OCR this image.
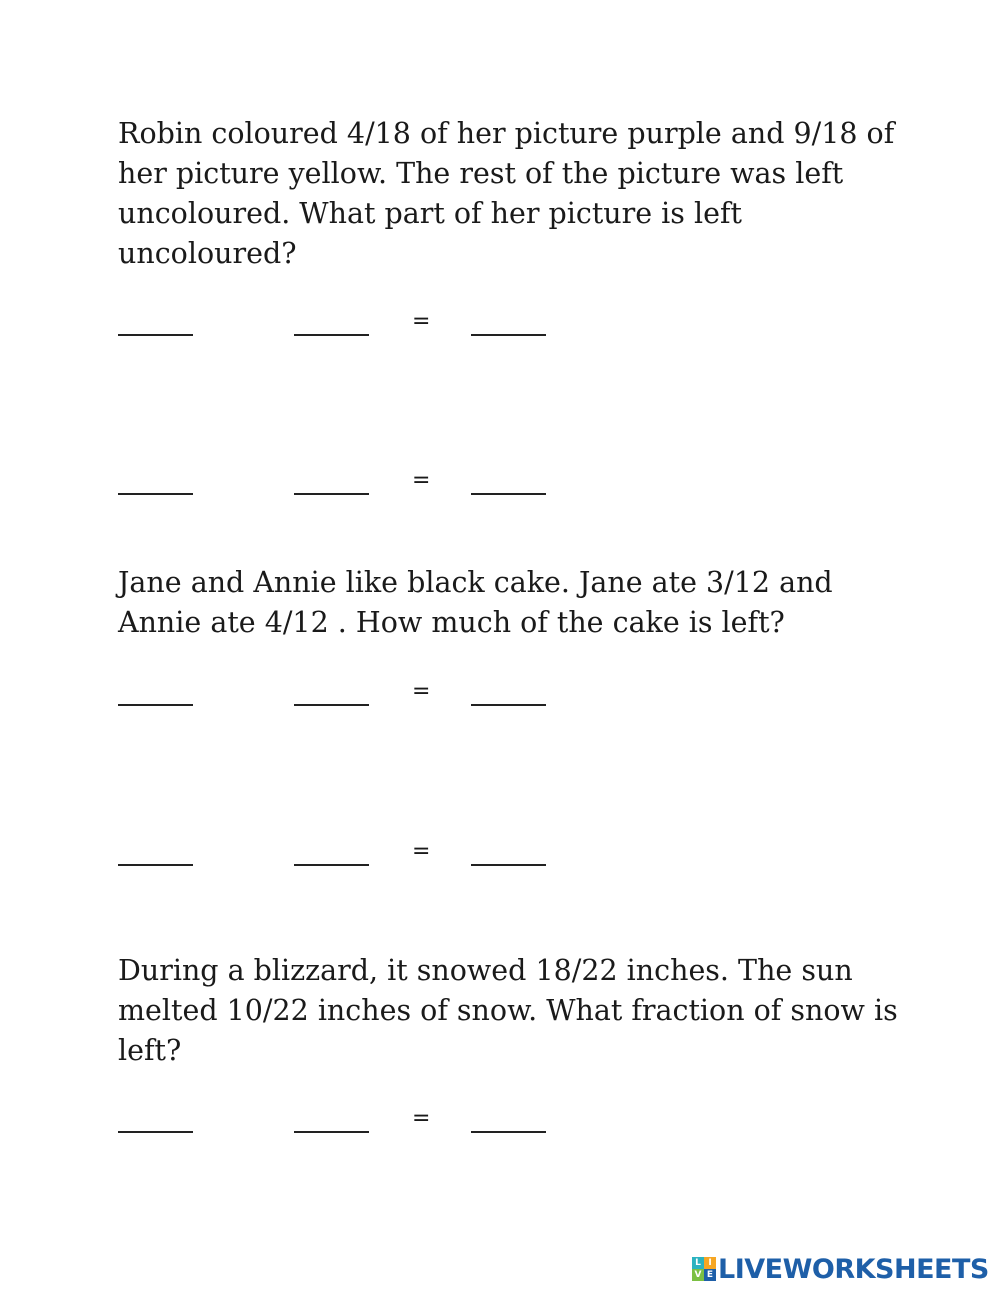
Robin coloured 4/18 of her picture purple and 9/18 of her picture yellow. The rest of the picture was left uncoloured. What part of her picture is left uncoloured?

=
=

Jane and Annie like black cake. Jane ate 3/12 and Annie ate 4/12 . How much of the cake is left?

=
=

During a blizzard, it snowed 18/22 inches. The sun melted 10/22 inches of snow. What fraction of snow is left?

=
L I
V E LIVEWORKSHEETS
